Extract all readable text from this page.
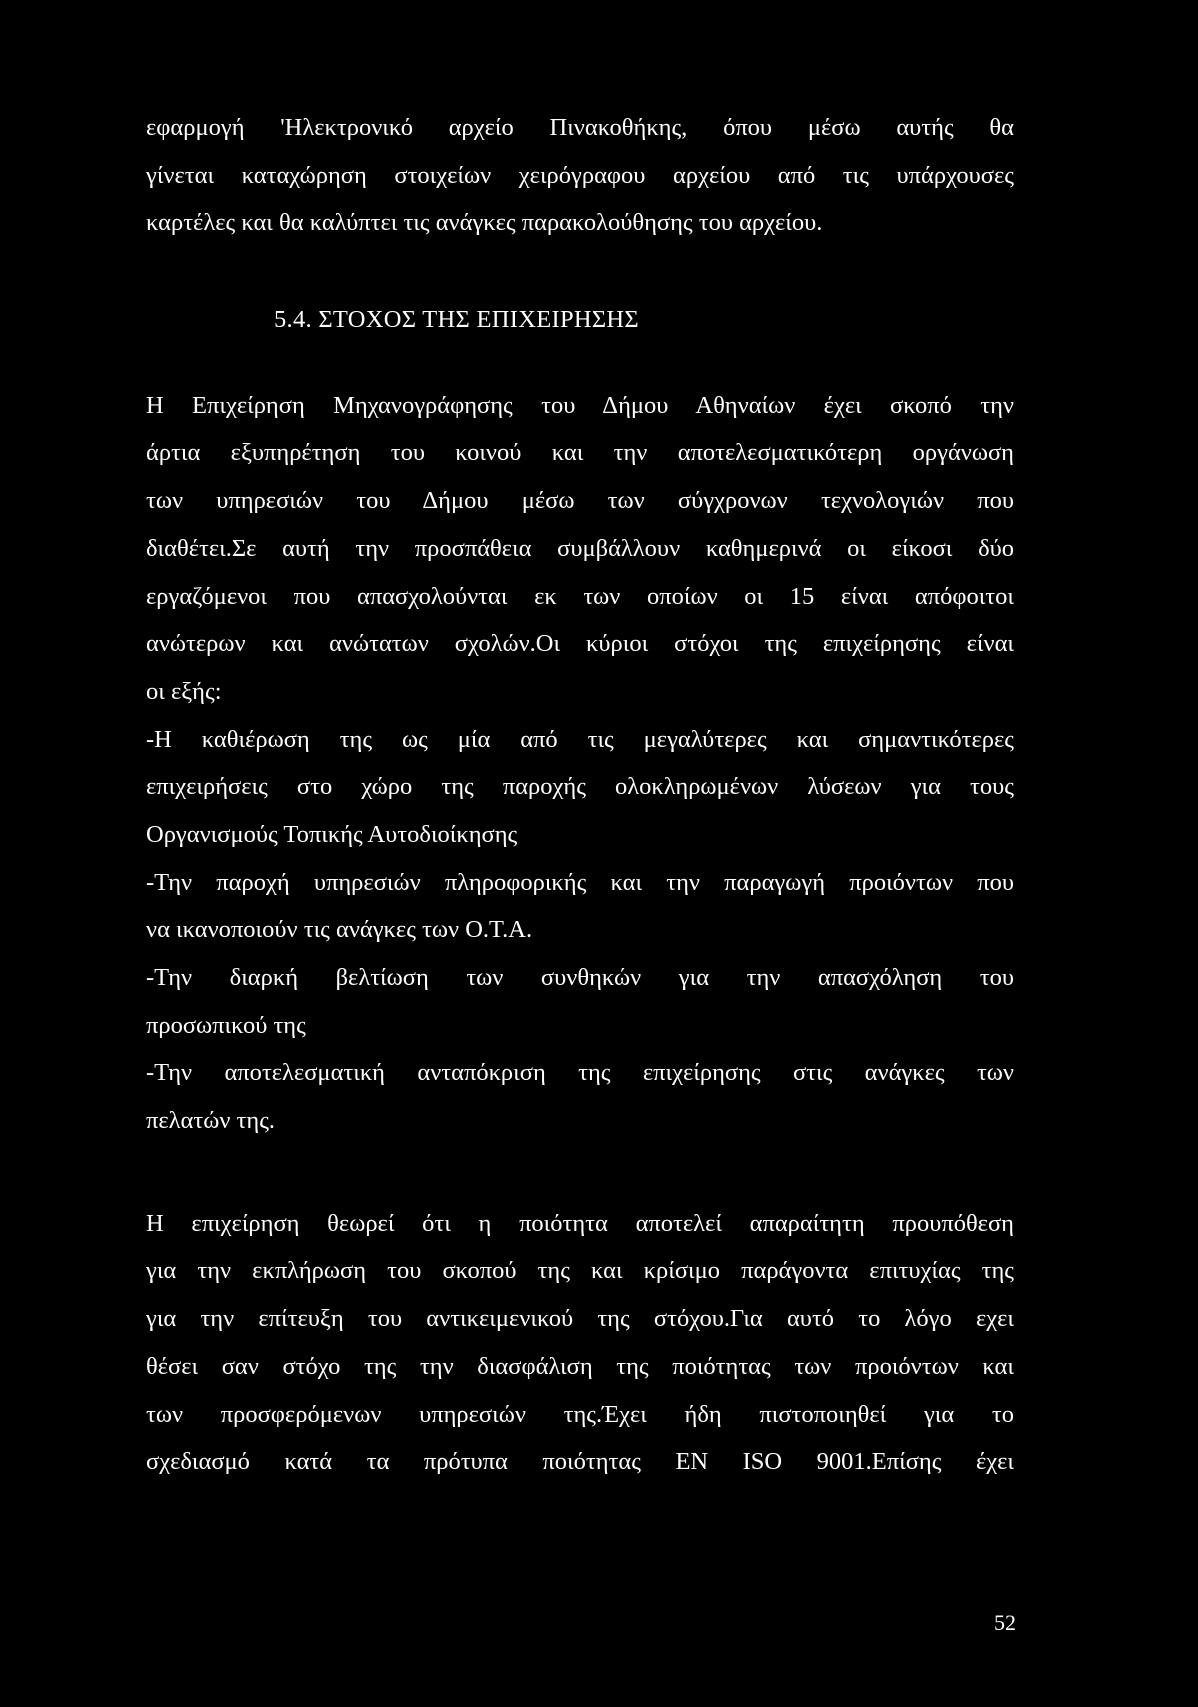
εφαρμογή 'Ηλεκτρονικό αρχείο Πινακοθήκης, όπου μέσω αυτής θα
γίνεται καταχώρηση στοιχείων χειρόγραφου αρχείου από τις υπάρχουσες
καρτέλες και θα καλύπτει τις ανάγκες παρακολούθησης του αρχείου.
5.4. ΣΤΟΧΟΣ ΤΗΣ ΕΠΙΧΕΙΡΗΣΗΣ
Η Επιχείρηση Μηχανογράφησης του Δήμου Αθηναίων έχει σκοπό την
άρτια εξυπηρέτηση του κοινού και την αποτελεσματικότερη οργάνωση
των υπηρεσιών του Δήμου μέσω των σύγχρονων τεχνολογιών που
διαθέτει.Σε αυτή την προσπάθεια συμβάλλουν καθημερινά οι είκοσι δύο
εργαζόμενοι που απασχολούνται εκ των οποίων οι 15 είναι απόφοιτοι
ανώτερων και ανώτατων σχολών.Οι κύριοι στόχοι της επιχείρησης είναι
οι εξής:
-Η καθιέρωση της ως μία από τις μεγαλύτερες και σημαντικότερες
επιχειρήσεις στο χώρο της παροχής ολοκληρωμένων λύσεων για τους
Οργανισμούς Τοπικής Αυτοδιοίκησης
-Την παροχή υπηρεσιών πληροφορικής και την παραγωγή προιόντων που
να ικανοποιούν τις ανάγκες των Ο.Τ.Α.
-Την διαρκή βελτίωση των συνθηκών για την απασχόληση του
προσωπικού της
-Την αποτελεσματική ανταπόκριση της επιχείρησης στις ανάγκες των
πελατών της.
Η επιχείρηση θεωρεί ότι η ποιότητα αποτελεί απαραίτητη προυπόθεση
για την εκπλήρωση του σκοπού της και κρίσιμο παράγοντα επιτυχίας της
για την επίτευξη του αντικειμενικού της στόχου.Για αυτό το λόγο εχει
θέσει σαν στόχο της την διασφάλιση της ποιότητας των προιόντων και
των προσφερόμενων υπηρεσιών της.Έχει ήδη πιστοποιηθεί για το
σχεδιασμό κατά τα πρότυπα ποιότητας EN ISO 9001.Επίσης έχει
52
